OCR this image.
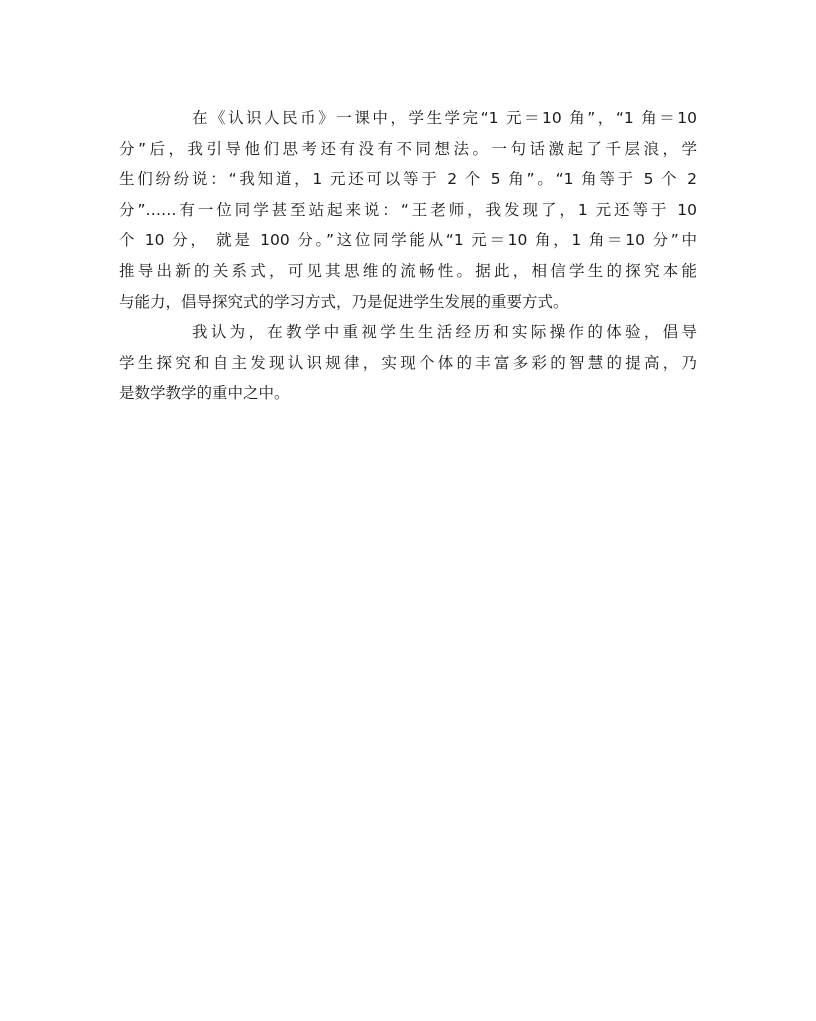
在《认识人民币》一课中，学生学完“1 元＝10 角”，“1 角＝10
分”后，我引导他们思考还有没有不同想法。一句话激起了千层浪，学
生们纷纷说：“我知道，1 元还可以等于 2 个 5 角”。“1 角等于 5 个 2
分”……有一位同学甚至站起来说：“王老师，我发现了，1 元还等于 10
个 10 分， 就是 100 分。”这位同学能从“1 元＝10 角，1 角＝10 分”中
推导出新的关系式，可见其思维的流畅性。据此，相信学生的探究本能
与能力，倡导探究式的学习方式，乃是促进学生发展的重要方式。

我认为，在教学中重视学生生活经历和实际操作的体验，倡导
学生探究和自主发现认识规律，实现个体的丰富多彩的智慧的提高，乃
是数学教学的重中之中。
